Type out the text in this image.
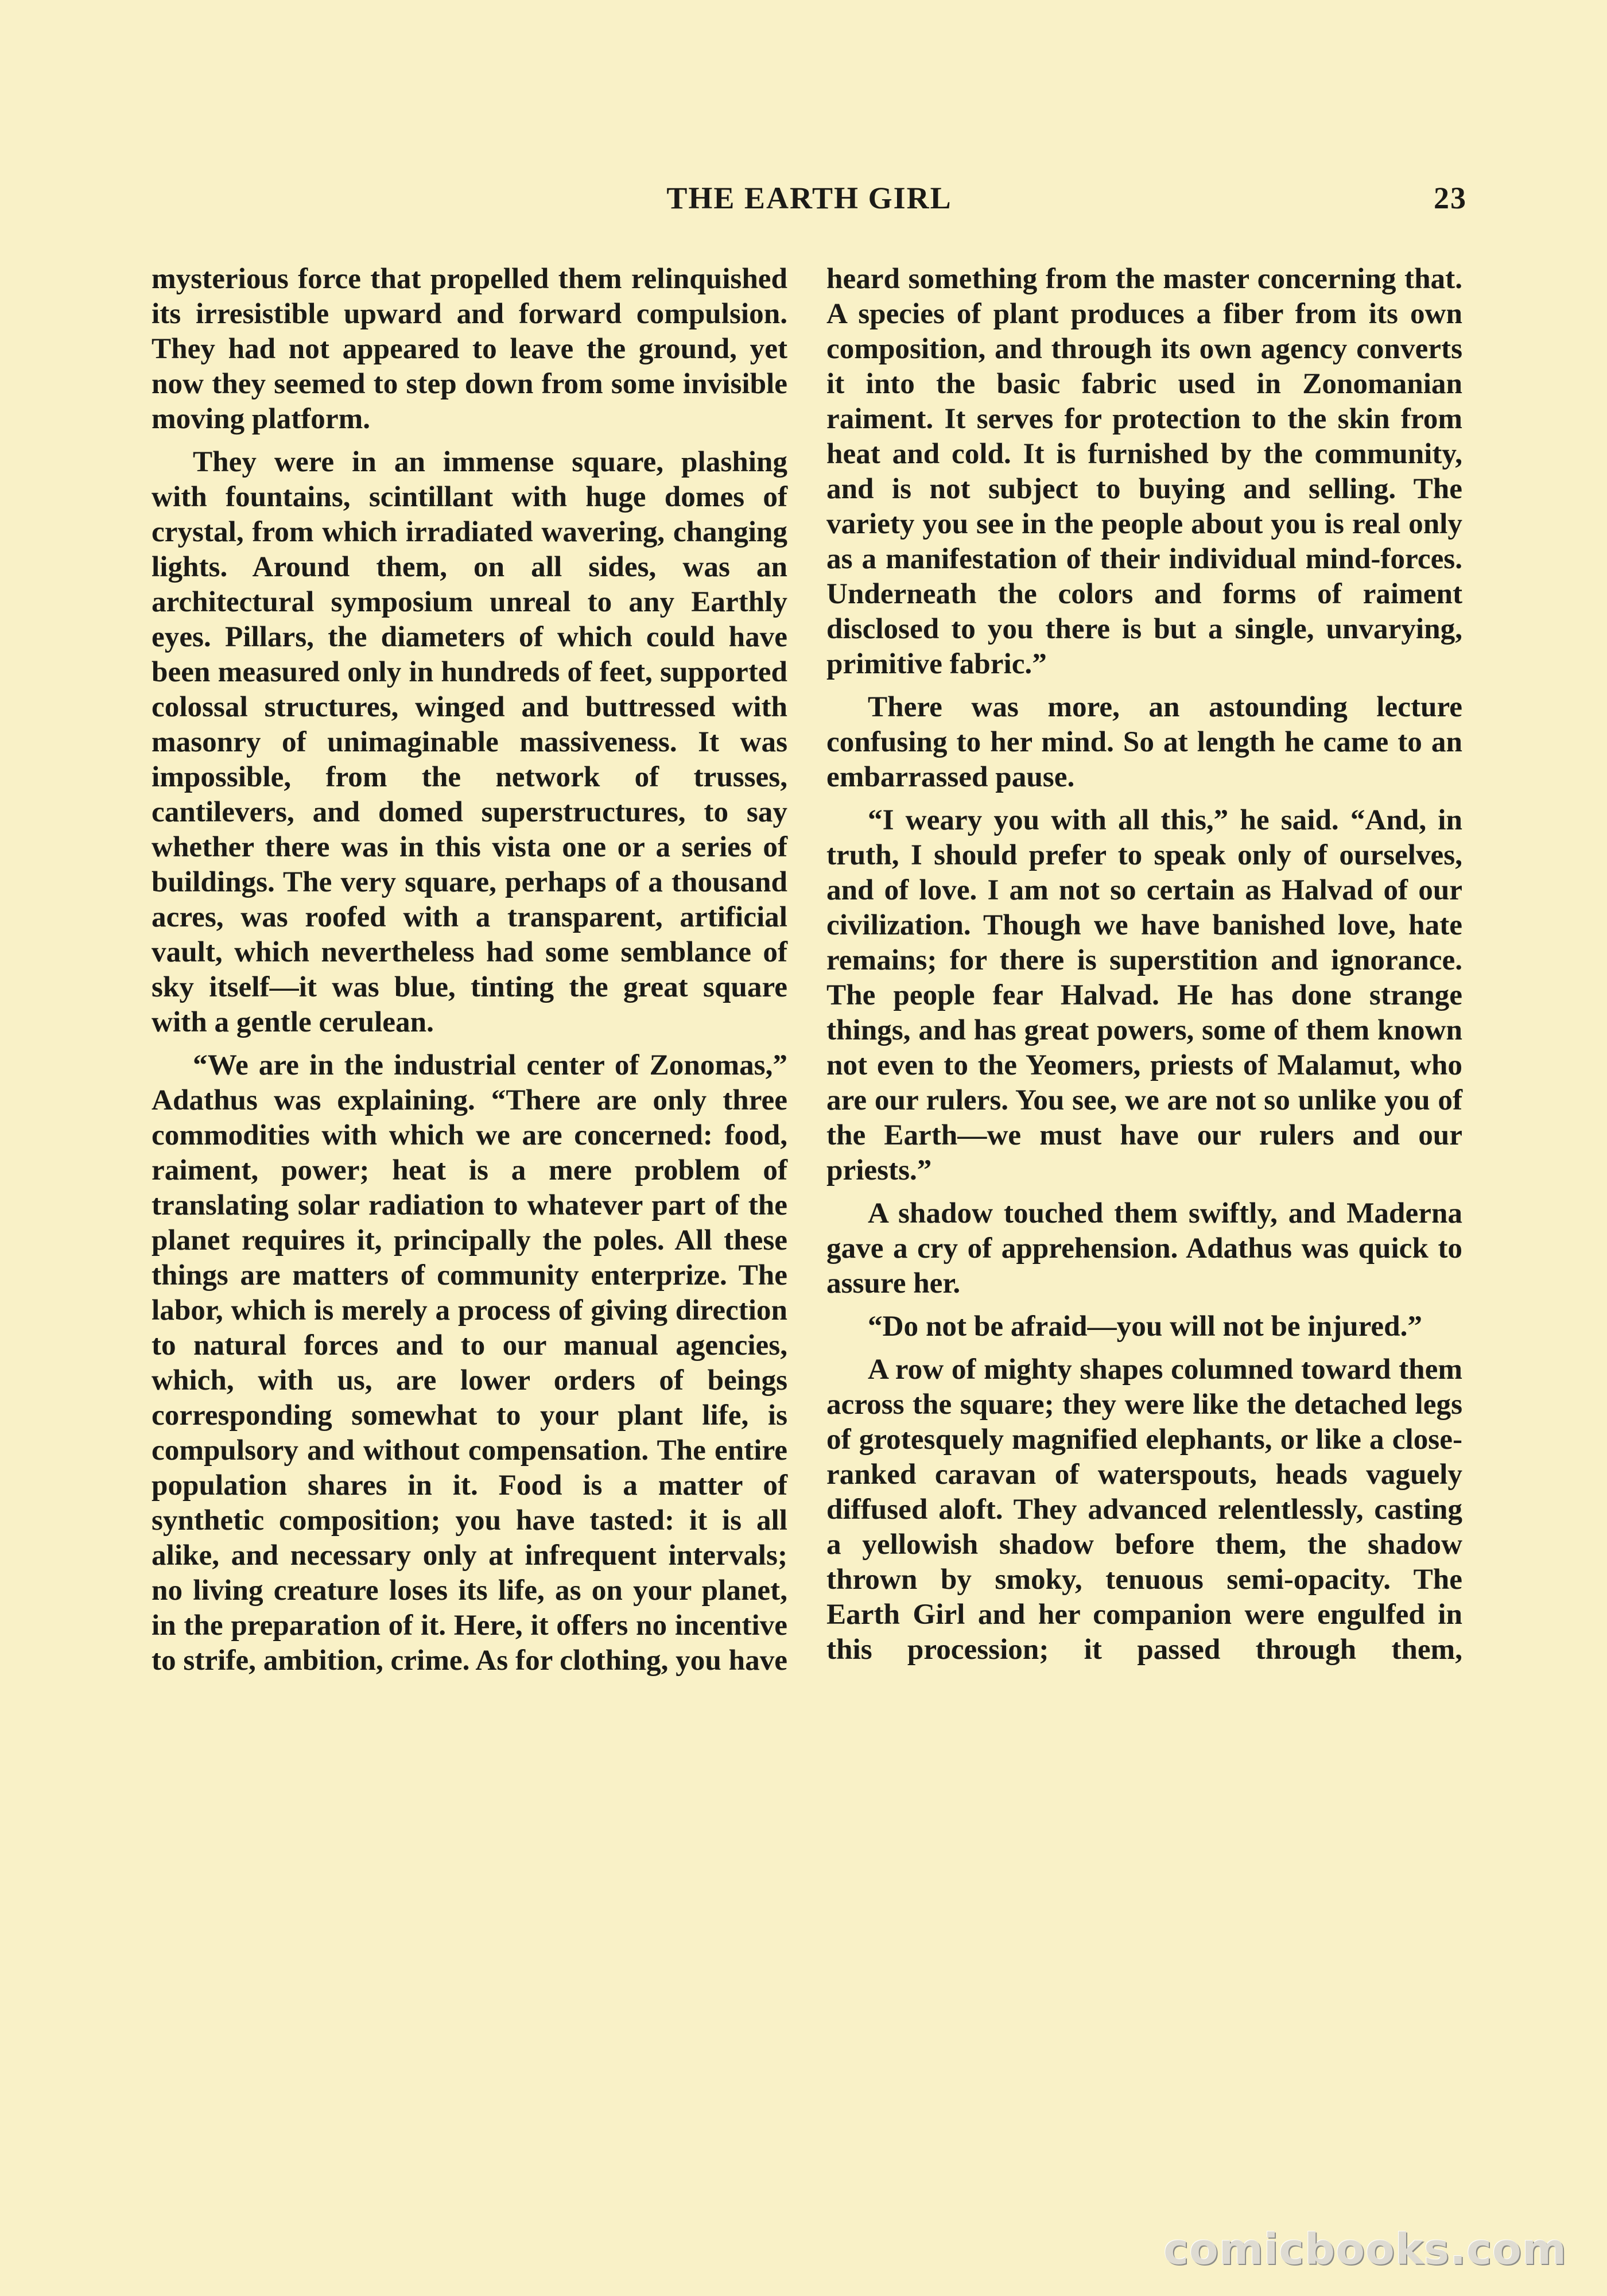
THE EARTH GIRL	23

mysterious force that propelled them relinquished its irresistible upward and forward compulsion. They had not appeared to leave the ground, yet now they seemed to step down from some invisible moving platform.

They were in an immense square, plashing with fountains, scintillant with huge domes of crystal, from which irradiated wavering, changing lights. Around them, on all sides, was an architectural symposium unreal to any Earthly eyes. Pillars, the diameters of which could have been measured only in hundreds of feet, supported colossal structures, winged and buttressed with masonry of unimaginable massiveness. It was impossible, from the network of trusses, cantilevers, and domed superstructures, to say whether there was in this vista one or a series of buildings. The very square, perhaps of a thousand acres, was roofed with a transparent, artificial vault, which nevertheless had some semblance of sky itself—it was blue, tinting the great square with a gentle cerulean.

“We are in the industrial center of Zonomas,” Adathus was explaining. “There are only three commodities with which we are concerned: food, raiment, power; heat is a mere problem of translating solar radiation to whatever part of the planet requires it, principally the poles. All these things are matters of community enterprize. The labor, which is merely a process of giving direction to natural forces and to our manual agencies, which, with us, are lower orders of beings corresponding somewhat to your plant life, is compulsory and without compensation. The entire population shares in it. Food is a matter of synthetic composition; you have tasted: it is all alike, and necessary only at infrequent intervals; no living creature loses its life, as on your planet, in the preparation of it. Here, it offers no incentive to strife, ambition, crime. As for clothing, you have

heard something from the master concerning that. A species of plant produces a fiber from its own composition, and through its own agency converts it into the basic fabric used in Zonomanian raiment. It serves for protection to the skin from heat and cold. It is furnished by the community, and is not subject to buying and selling. The variety you see in the people about you is real only as a manifestation of their individual mind-forces. Underneath the colors and forms of raiment disclosed to you there is but a single, unvarying, primitive fabric.”

There was more, an astounding lecture confusing to her mind. So at length he came to an embarrassed pause.

“I weary you with all this,” he said. “And, in truth, I should prefer to speak only of ourselves, and of love. I am not so certain as Halvad of our civilization. Though we have banished love, hate remains; for there is superstition and ignorance. The people fear Halvad. He has done strange things, and has great powers, some of them known not even to the Yeomers, priests of Malamut, who are our rulers. You see, we are not so unlike you of the Earth—we must have our rulers and our priests.”

A shadow touched them swiftly, and Maderna gave a cry of apprehension. Adathus was quick to assure her.

“Do not be afraid—you will not be injured.”

A row of mighty shapes columned toward them across the square; they were like the detached legs of grotesquely magnified elephants, or like a close-ranked caravan of waterspouts, heads vaguely diffused aloft. They advanced relentlessly, casting a yellowish shadow before them, the shadow thrown by smoky, tenuous semi-opacity. The Earth Girl and her companion were engulfed in this procession; it passed through them,

comicbooks.com
